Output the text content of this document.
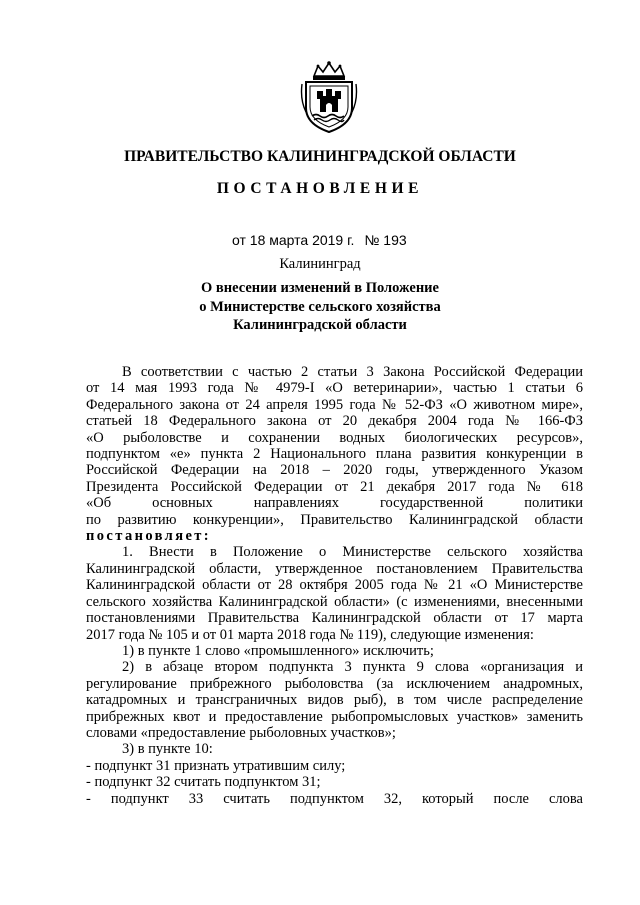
ПРАВИТЕЛЬСТВО КАЛИНИНГРАДСКОЙ ОБЛАСТИ
ПОСТАНОВЛЕНИЕ
от 18 марта 2019 г. № 193
Калининград
О внесении изменений в Положение
о Министерстве сельского хозяйства
Калининградской области
В соответствии с частью 2 статьи 3 Закона Российской Федерации
от 14 мая 1993 года № 4979-I «О ветеринарии», частью 1 статьи 6
Федерального закона от 24 апреля 1995 года № 52-ФЗ «О животном мире»,
статьей 18 Федерального закона от 20 декабря 2004 года № 166-ФЗ
«О рыболовстве и сохранении водных биологических ресурсов»,
подпунктом «е» пункта 2 Национального плана развития конкуренции в
Российской Федерации на 2018 – 2020 годы, утвержденного Указом
Президента Российской Федерации от 21 декабря 2017 года № 618
«Об основных направлениях государственной политики
по развитию конкуренции», Правительство Калининградской области
постановляет:
1. Внести в Положение о Министерстве сельского хозяйства
Калининградской области, утвержденное постановлением Правительства
Калининградской области от 28 октября 2005 года № 21 «О Министерстве
сельского хозяйства Калининградской области» (с изменениями, внесенными
постановлениями Правительства Калининградской области от 17 марта
2017 года № 105 и от 01 марта 2018 года № 119), следующие изменения:
1) в пункте 1 слово «промышленного» исключить;
2) в абзаце втором подпункта 3 пункта 9 слова «организация и
регулирование прибрежного рыболовства (за исключением анадромных,
катадромных и трансграничных видов рыб), в том числе распределение
прибрежных квот и предоставление рыбопромысловых участков» заменить
словами «предоставление рыболовных участков»;
3) в пункте 10:
- подпункт 31 признать утратившим силу;
- подпункт 32 считать подпунктом 31;
- подпункт 33 считать подпунктом 32, который после слова
